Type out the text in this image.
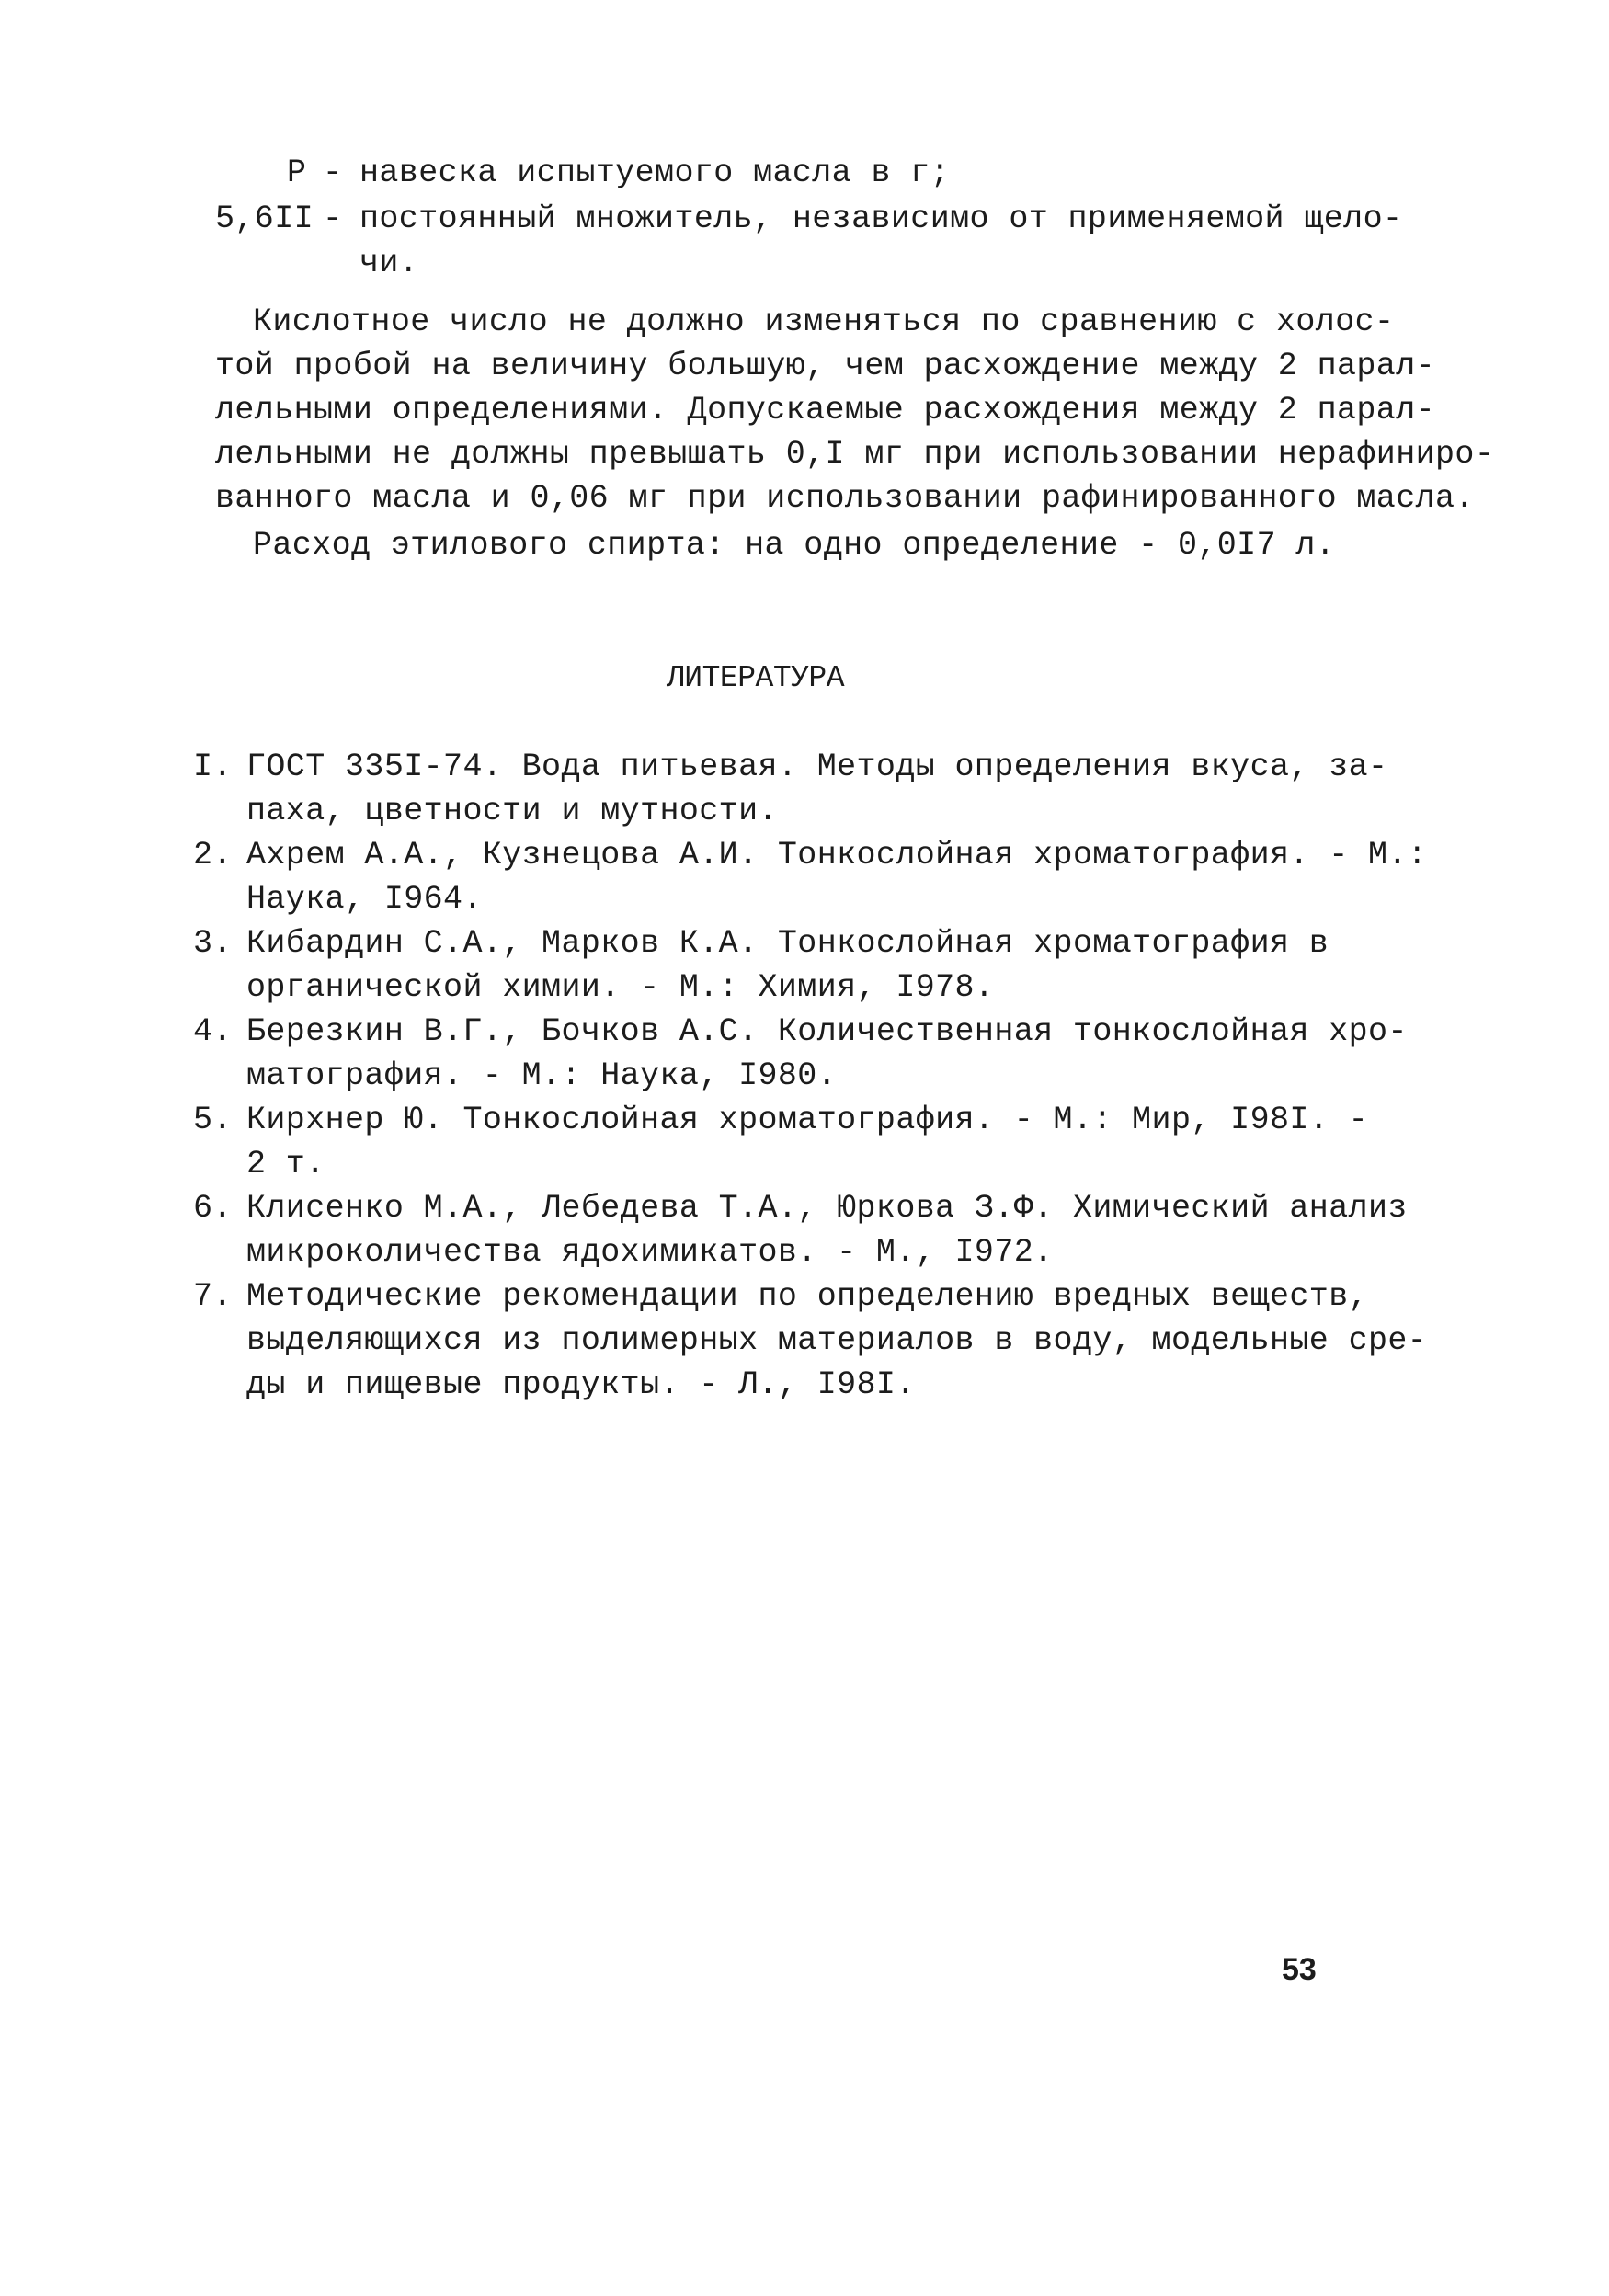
P - навеска испытуемого масла в г;
5,6II - постоянный множитель, независимо от применяемой щело-
чи.
Кислотное число не должно изменяться по сравнению с холос-
той пробой на величину большую, чем расхождение между 2 парал-
лельными определениями. Допускаемые расхождения между 2 парал-
лельными не должны превышать 0,I мг при использовании нерафиниро-
ванного масла и 0,06 мг при использовании рафинированного масла.
Расход этилового спирта: на одно определение - 0,0I7 л.
ЛИТЕРАТУРА
I. ГОСТ 335I-74. Вода питьевая. Методы определения вкуса, за-
паха, цветности и мутности.
2. Ахрем А.А., Кузнецова А.И. Тонкослойная хроматография. - М.:
Наука, I964.
3. Кибардин С.А., Марков К.А. Тонкослойная хроматография в
органической химии. - М.: Химия, I978.
4. Березкин В.Г., Бочков А.С. Количественная тонкослойная хро-
матография. - М.: Наука, I980.
5. Кирхнер Ю. Тонкослойная хроматография. - М.: Мир, I98I. -
2 т.
6. Клисенко М.А., Лебедева Т.А., Юркова З.Ф. Химический анализ
микроколичества ядохимикатов. - М., I972.
7. Методические рекомендации по определению вредных веществ,
выделяющихся из полимерных материалов в воду, модельные сре-
ды и пищевые продукты. - Л., I98I.
53
